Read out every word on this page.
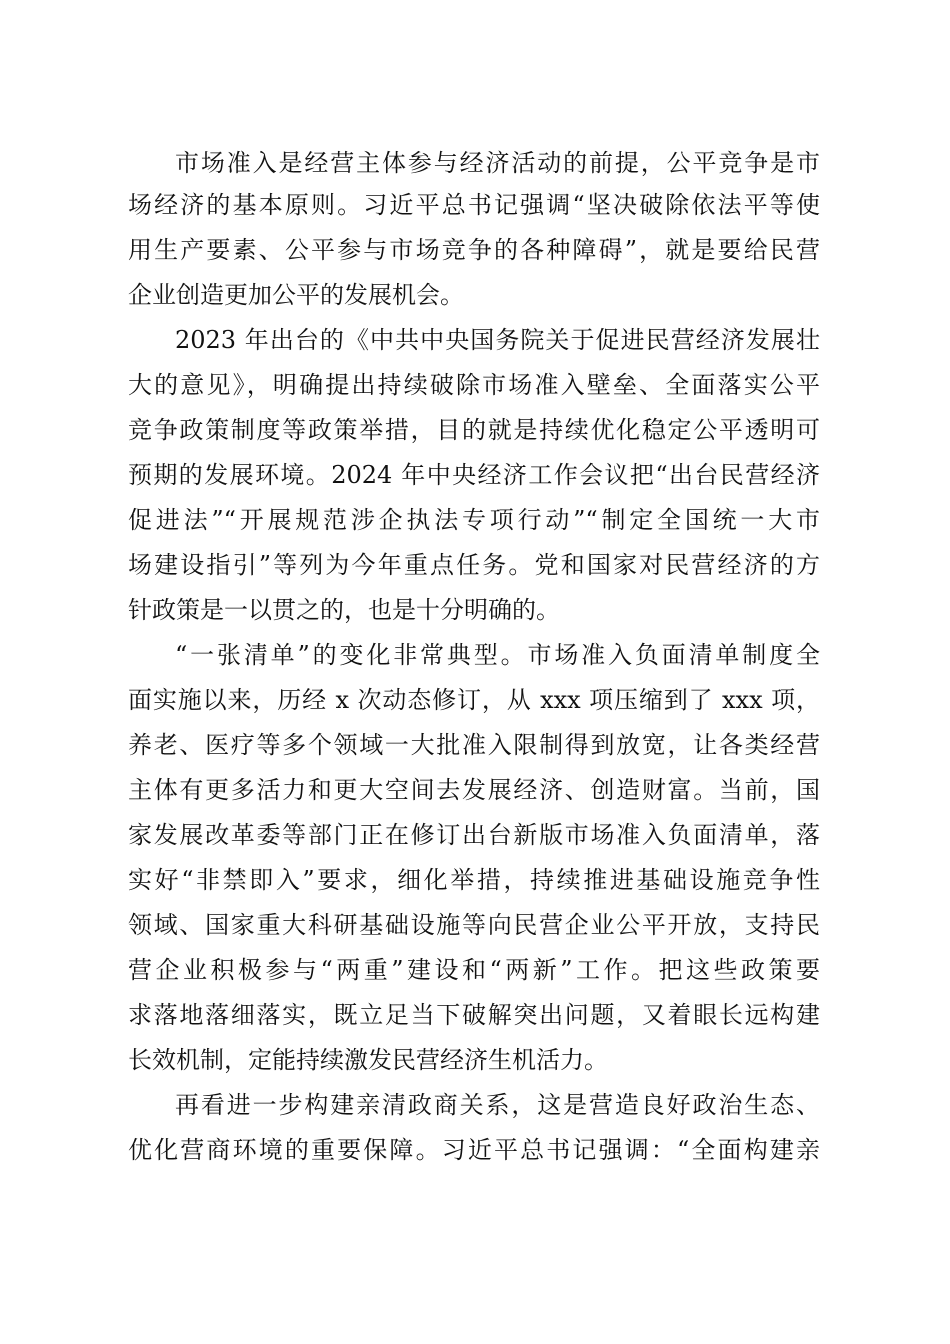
市场准入是经营主体参与经济活动的前提，公平竞争是市
场经济的基本原则。习近平总书记强调“坚决破除依法平等使
用生产要素、公平参与市场竞争的各种障碍”，就是要给民营
企业创造更加公平的发展机会。
2023 年出台的《中共中央国务院关于促进民营经济发展壮
大的意见》，明确提出持续破除市场准入壁垒、全面落实公平
竞争政策制度等政策举措，目的就是持续优化稳定公平透明可
预期的发展环境。2024 年中央经济工作会议把“出台民营经济
促进法”“开展规范涉企执法专项行动”“制定全国统一大市
场建设指引”等列为今年重点任务。党和国家对民营经济的方
针政策是一以贯之的，也是十分明确的。
“一张清单”的变化非常典型。市场准入负面清单制度全
面实施以来，历经 x 次动态修订，从 xxx 项压缩到了 xxx 项，
养老、医疗等多个领域一大批准入限制得到放宽，让各类经营
主体有更多活力和更大空间去发展经济、创造财富。当前，国
家发展改革委等部门正在修订出台新版市场准入负面清单，落
实好“非禁即入”要求，细化举措，持续推进基础设施竞争性
领域、国家重大科研基础设施等向民营企业公平开放，支持民
营企业积极参与“两重”建设和“两新”工作。把这些政策要
求落地落细落实，既立足当下破解突出问题，又着眼长远构建
长效机制，定能持续激发民营经济生机活力。
再看进一步构建亲清政商关系，这是营造良好政治生态、
优化营商环境的重要保障。习近平总书记强调：“全面构建亲
